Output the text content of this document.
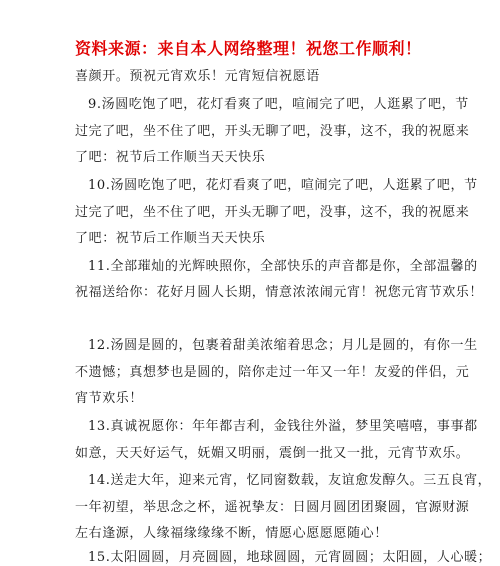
资料来源：来自本人网络整理！祝您工作顺利！
喜颜开。预祝元宵欢乐！元宵短信祝愿语
9.汤圆吃饱了吧，花灯看爽了吧，喧闹完了吧，人逛累了吧，节
过完了吧，坐不住了吧，开头无聊了吧，没事，这不，我的祝愿来
了吧：祝节后工作顺当天天快乐
10.汤圆吃饱了吧，花灯看爽了吧，喧闹完了吧，人逛累了吧，节
过完了吧，坐不住了吧，开头无聊了吧，没事，这不，我的祝愿来
了吧：祝节后工作顺当天天快乐
11.全部璀灿的光辉映照你，全部快乐的声音都是你，全部温馨的
祝福送给你：花好月圆人长期，情意浓浓闹元宵！祝您元宵节欢乐！
12.汤圆是圆的，包裹着甜美浓缩着思念；月儿是圆的，有你一生
不遗憾；真想梦也是圆的，陪你走过一年又一年！友爱的伴侣，元
宵节欢乐！
13.真诚祝愿你：年年都吉利，金钱往外溢，梦里笑嘻嘻，事事都
如意，天天好运气，妩媚又明丽，震倒一批又一批，元宵节欢乐。
14.送走大年，迎来元宵，忆同窗数载，友谊愈发醇久。三五良宵，
一年初望，举思念之杯，遥祝挚友：日圆月圆团团聚圆，官源财源
左右逢源，人缘福缘缘缘不断，情愿心愿愿愿随心！
15.太阳圆圆，月亮圆圆，地球圆圆，元宵圆圆；太阳圆，人心暖；
